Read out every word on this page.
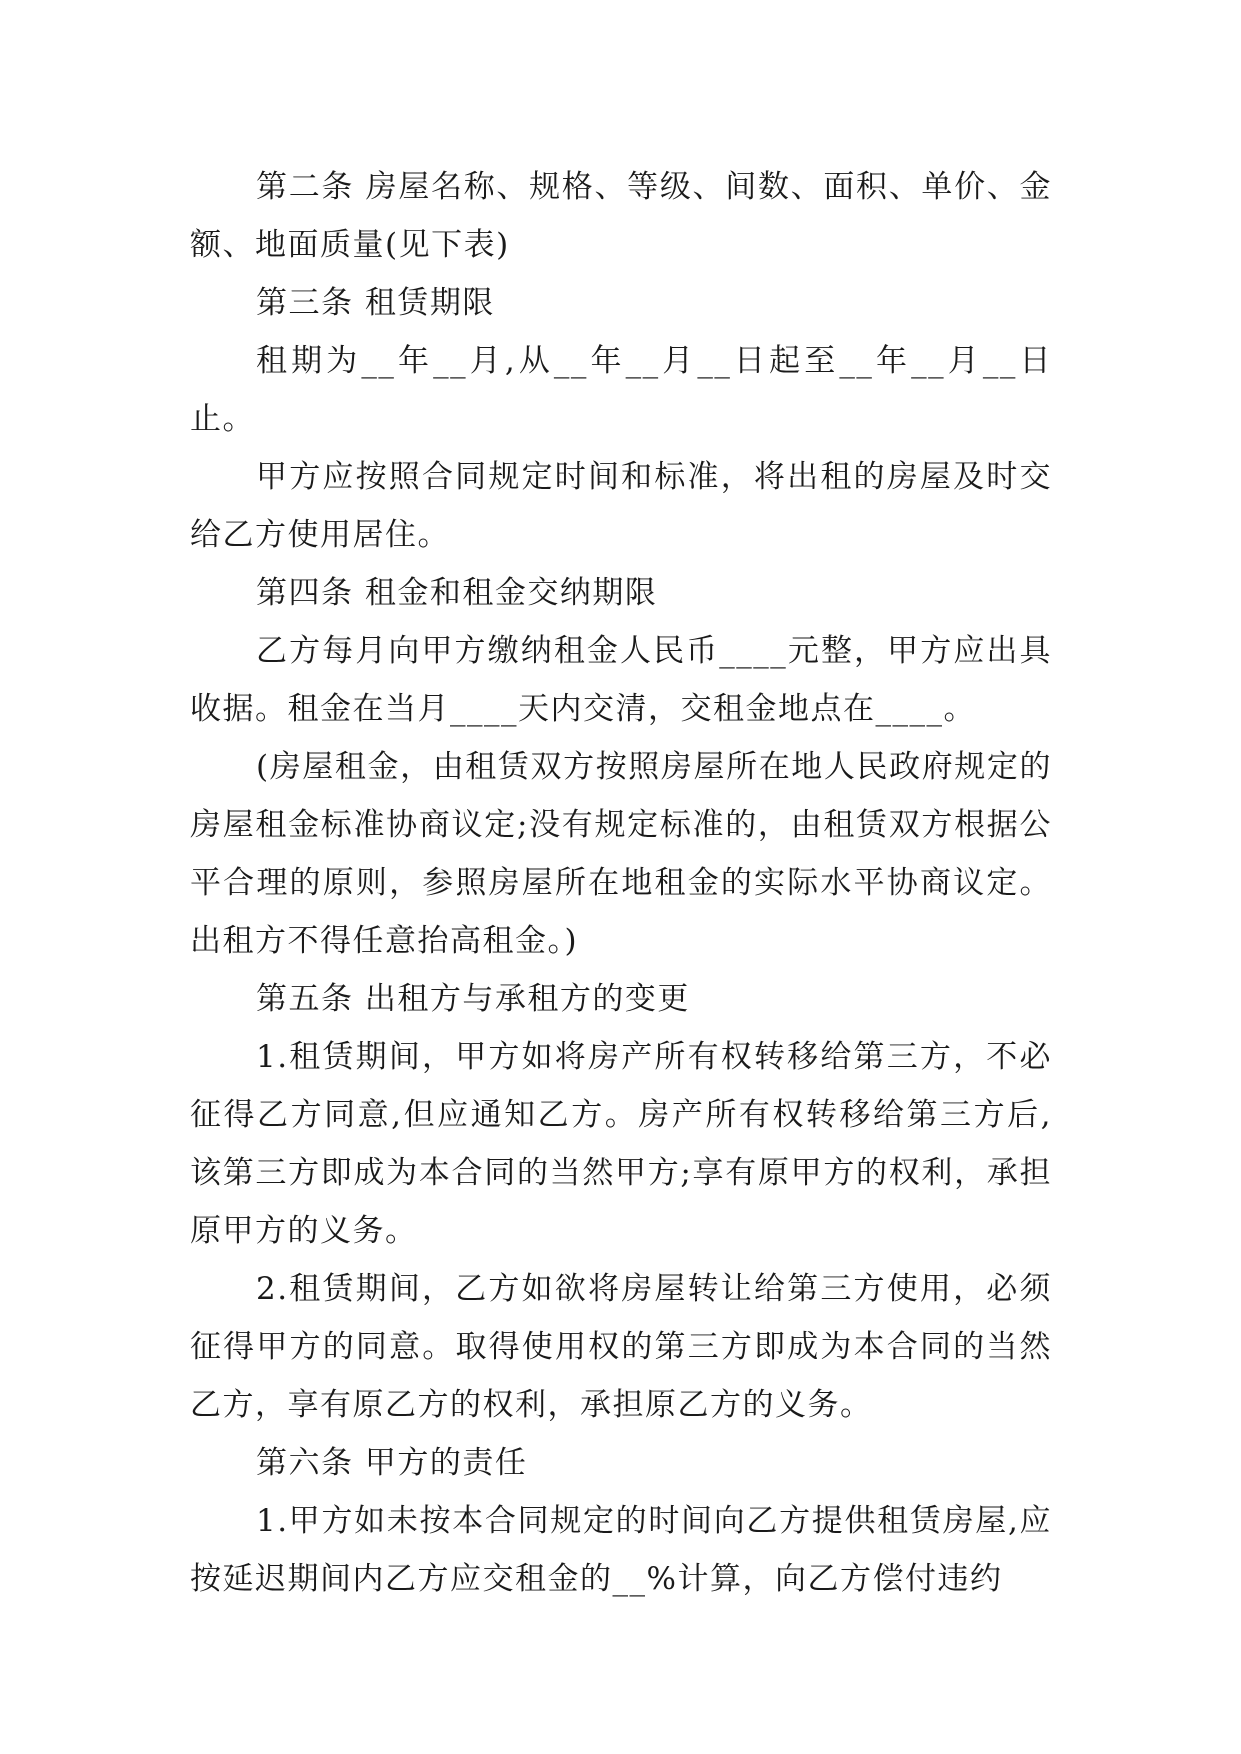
第二条 房屋名称、规格、等级、间数、面积、单价、金额、地面质量(见下表)

第三条 租赁期限

租期为__年__月,从__年__月__日起至__年__月__日止。

甲方应按照合同规定时间和标准，将出租的房屋及时交给乙方使用居住。

第四条 租金和租金交纳期限

乙方每月向甲方缴纳租金人民币____元整，甲方应出具收据。租金在当月____天内交清，交租金地点在____。

(房屋租金，由租赁双方按照房屋所在地人民政府规定的房屋租金标准协商议定;没有规定标准的，由租赁双方根据公平合理的原则，参照房屋所在地租金的实际水平协商议定。出租方不得任意抬高租金。)

第五条 出租方与承租方的变更

1.租赁期间，甲方如将房产所有权转移给第三方，不必征得乙方同意,但应通知乙方。房产所有权转移给第三方后,该第三方即成为本合同的当然甲方;享有原甲方的权利，承担原甲方的义务。

2.租赁期间，乙方如欲将房屋转让给第三方使用，必须征得甲方的同意。取得使用权的第三方即成为本合同的当然乙方，享有原乙方的权利，承担原乙方的义务。

第六条 甲方的责任

1.甲方如未按本合同规定的时间向乙方提供租赁房屋,应按延迟期间内乙方应交租金的__%计算，向乙方偿付违约
